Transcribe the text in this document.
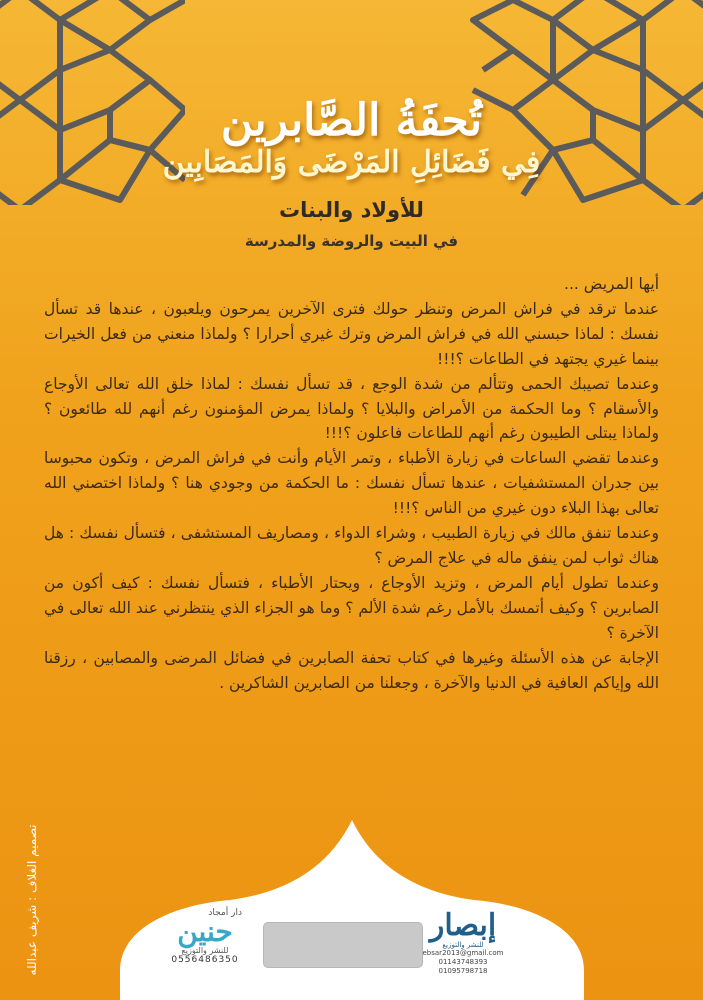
تُحفَةُ الصَّابرين
فِي فَضَائِلِ المَرْضَى وَالمَصَابِين
للأولاد والبنات
في البيت والروضة والمدرسة

أيها المريض ...

عندما ترقد في فراش المرض وتنظر حولك فترى الآخرين يمرحون ويلعبون ، عندها قد تسأل نفسك : لماذا حبسني الله في فراش المرض وترك غيري أحرارا ؟ ولماذا منعني من فعل الخيرات بينما غيري يجتهد في الطاعات ؟!!!

وعندما تصيبك الحمى وتتألم من شدة الوجع ، قد تسأل نفسك : لماذا خلق الله تعالى الأوجاع والأسقام ؟ وما الحكمة من الأمراض والبلايا ؟ ولماذا يمرض المؤمنون رغم أنهم لله طائعون ؟ ولماذا يبتلى الطيبون رغم أنهم للطاعات فاعلون ؟!!!

وعندما تقضي الساعات في زيارة الأطباء ، وتمر الأيام وأنت في فراش المرض ، وتكون محبوسا بين جدران المستشفيات ، عندها تسأل نفسك : ما الحكمة من وجودي هنا ؟ ولماذا اختصني الله تعالى بهذا البلاء دون غيري من الناس ؟!!!

وعندما تنفق مالك في زيارة الطبيب ، وشراء الدواء ، ومصاريف المستشفى ، فتسأل نفسك : هل هناك ثواب لمن ينفق ماله في علاج المرض ؟

وعندما تطول أيام المرض ، وتزيد الأوجاع ، ويحتار الأطباء ، فتسأل نفسك : كيف أكون من الصابرين ؟ وكيف أتمسك بالأمل رغم شدة الألم ؟ وما هو الجزاء الذي ينتظرني عند الله تعالى في الآخرة ؟

الإجابة عن هذه الأسئلة وغيرها في كتاب تحفة الصابرين في فضائل المرضى والمصابين ، رزقنا الله وإياكم العافية في الدنيا والآخرة ، وجعلنا من الصابرين الشاكرين .

تصميم الغلاف : شريف عبدالله	دار أمجاد
حنين
للنشر والتوزيع
0556486350
إبصار
للنشر والتوزيع
ebsar2013@gmail.com
01143748393
01095798718
